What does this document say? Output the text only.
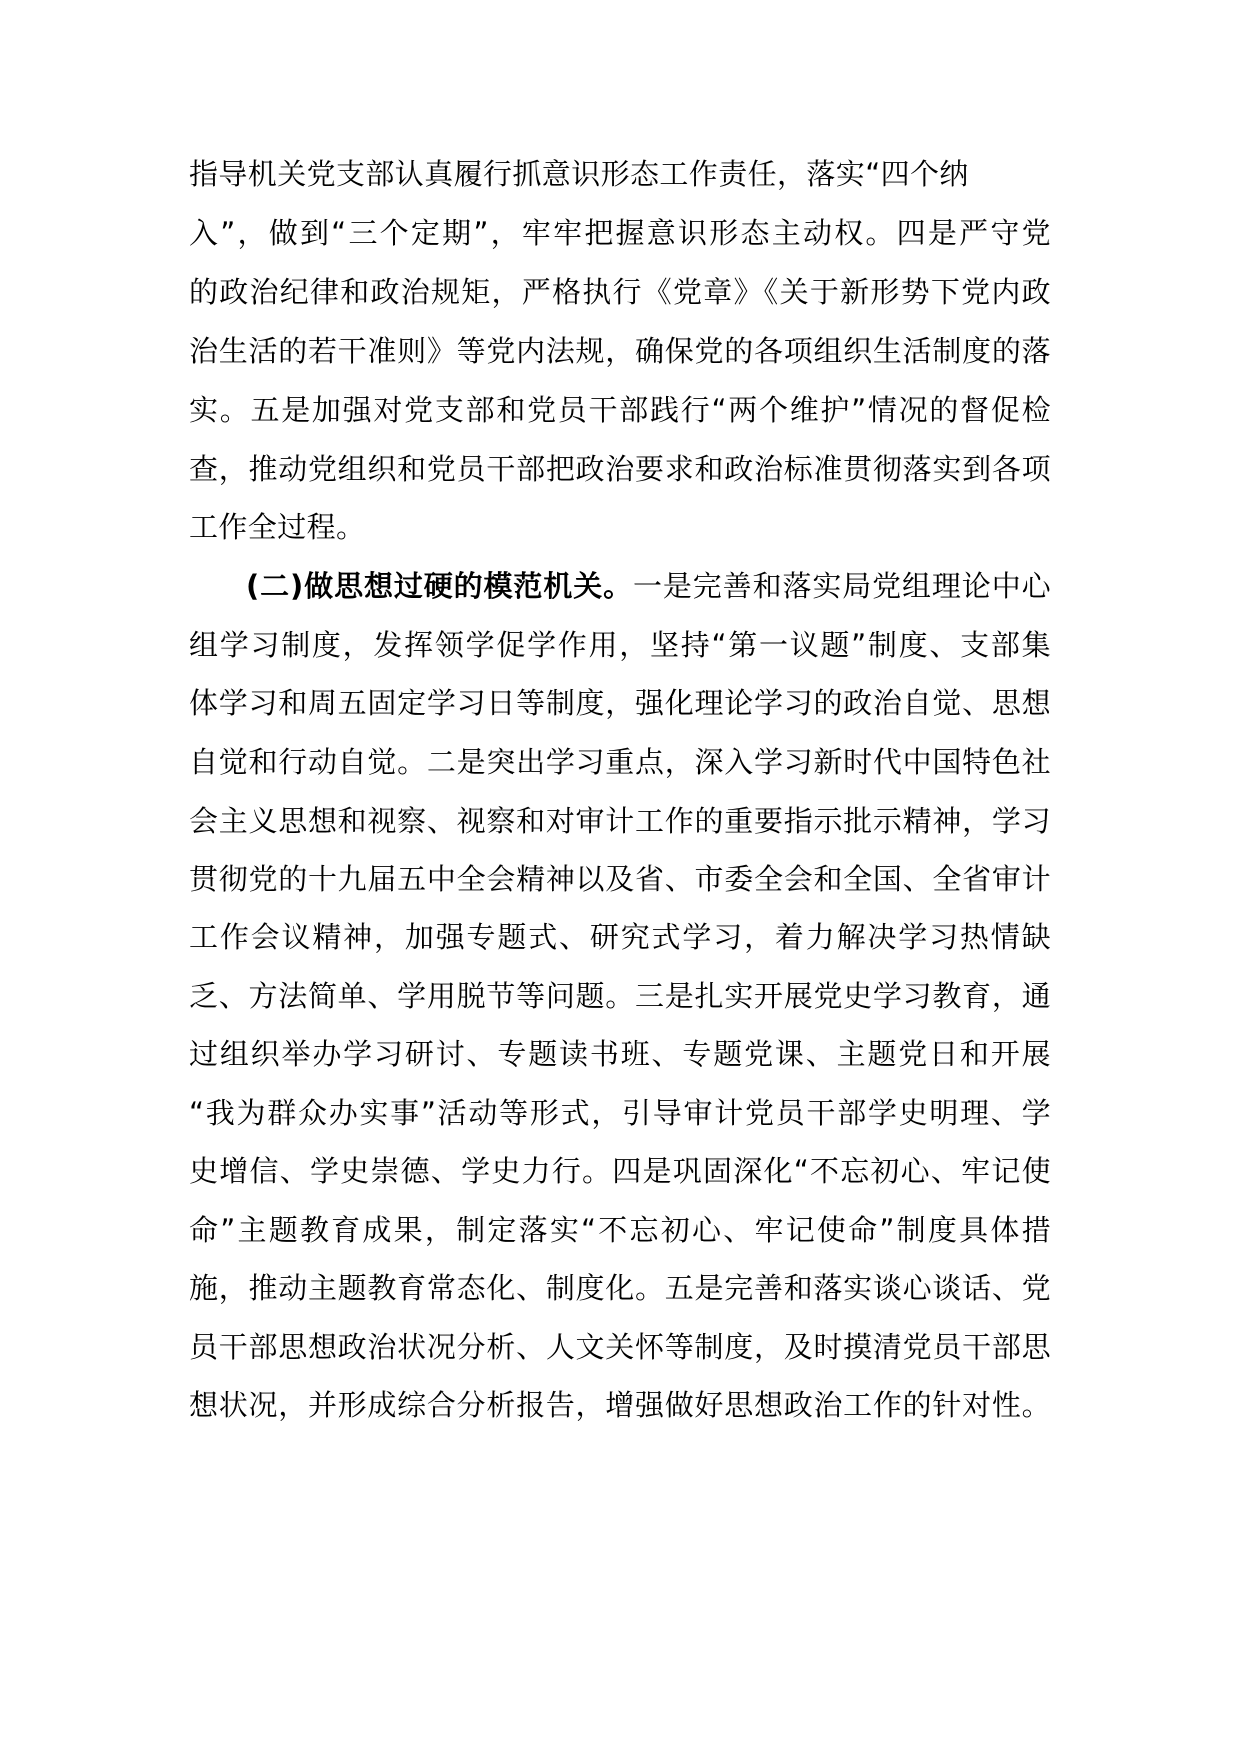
指导机关党支部认真履行抓意识形态工作责任，落实“四个纳
入”，做到“三个定期”，牢牢把握意识形态主动权。四是严守党
的政治纪律和政治规矩，严格执行《党章》《关于新形势下党内政
治生活的若干准则》等党内法规，确保党的各项组织生活制度的落
实。五是加强对党支部和党员干部践行“两个维护”情况的督促检
查，推动党组织和党员干部把政治要求和政治标准贯彻落实到各项
工作全过程。
(二)做思想过硬的模范机关。一是完善和落实局党组理论中心
组学习制度，发挥领学促学作用，坚持“第一议题”制度、支部集
体学习和周五固定学习日等制度，强化理论学习的政治自觉、思想
自觉和行动自觉。二是突出学习重点，深入学习新时代中国特色社
会主义思想和视察、视察和对审计工作的重要指示批示精神，学习
贯彻党的十九届五中全会精神以及省、市委全会和全国、全省审计
工作会议精神，加强专题式、研究式学习，着力解决学习热情缺
乏、方法简单、学用脱节等问题。三是扎实开展党史学习教育，通
过组织举办学习研讨、专题读书班、专题党课、主题党日和开展
“我为群众办实事”活动等形式，引导审计党员干部学史明理、学
史增信、学史崇德、学史力行。四是巩固深化“不忘初心、牢记使
命”主题教育成果，制定落实“不忘初心、牢记使命”制度具体措
施，推动主题教育常态化、制度化。五是完善和落实谈心谈话、党
员干部思想政治状况分析、人文关怀等制度，及时摸清党员干部思
想状况，并形成综合分析报告，增强做好思想政治工作的针对性。
